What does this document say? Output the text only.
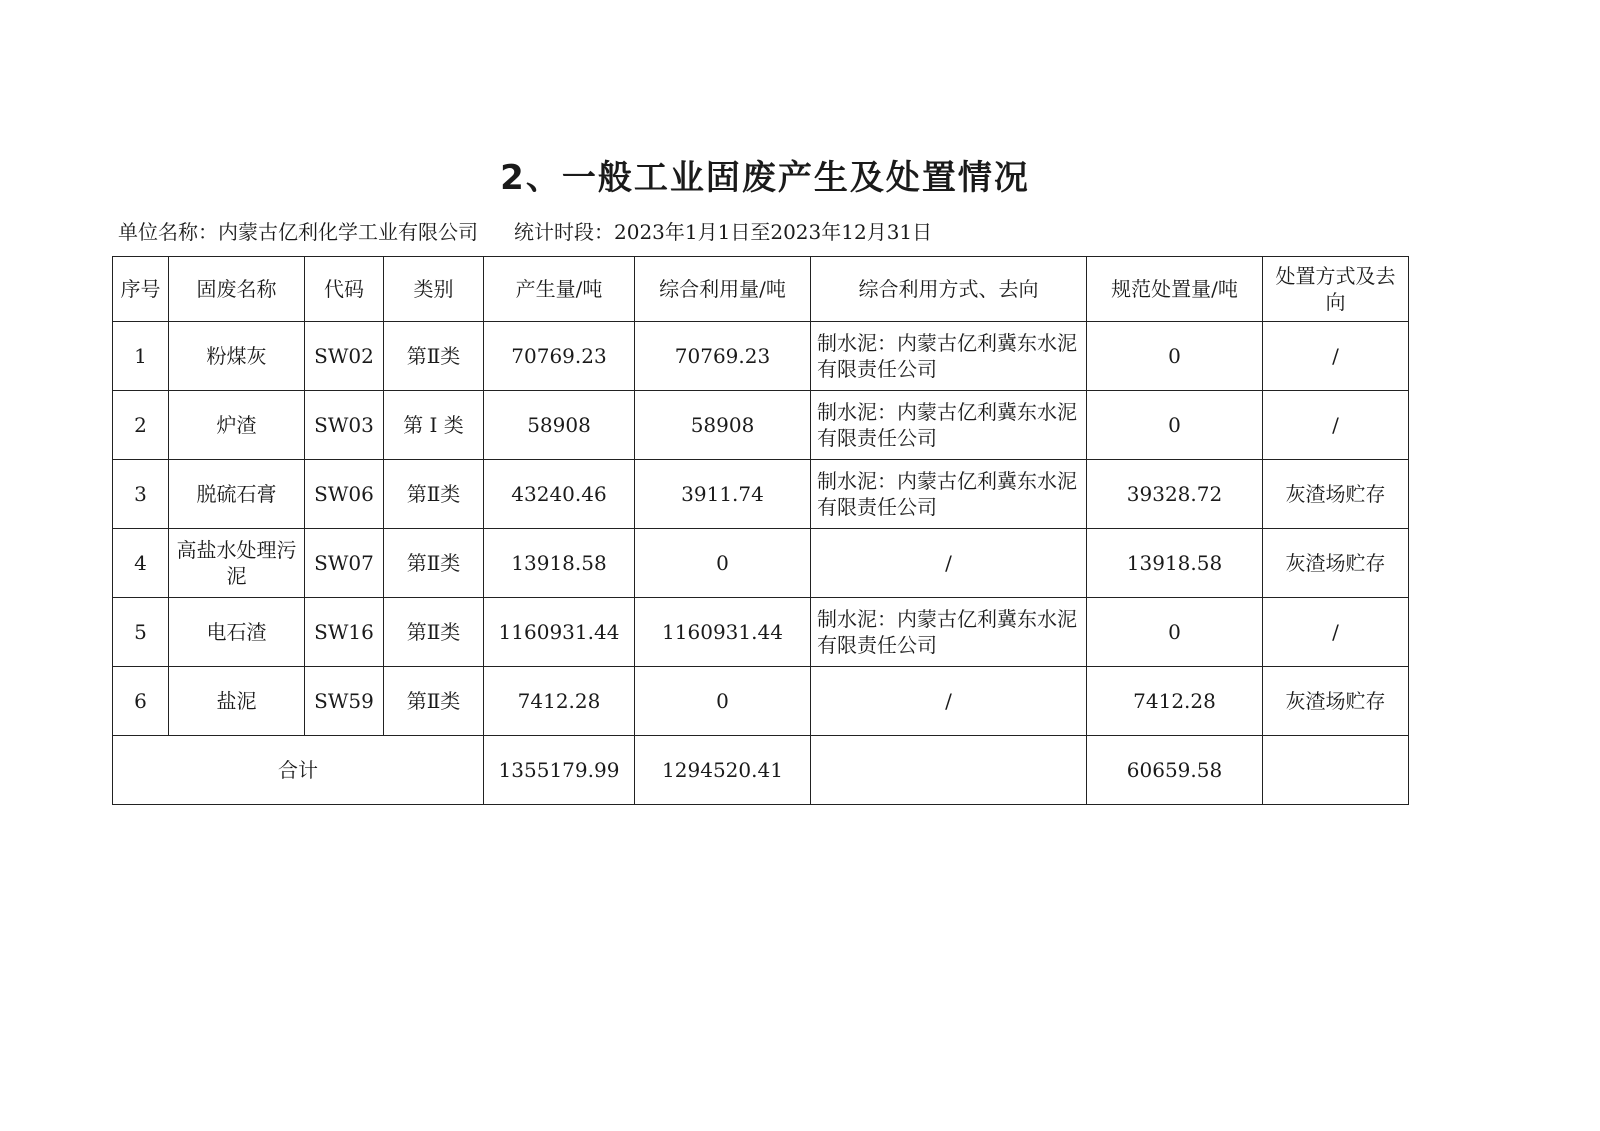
2、一般工业固废产生及处置情况
单位名称：内蒙古亿利化学工业有限公司 统计时段：2023年1月1日至2023年12月31日
序号	固废名称	代码	类别	产生量/吨	综合利用量/吨	综合利用方式、去向	规范处置量/吨	处置方式及去向
1	粉煤灰	SW02	第Ⅱ类	70769.23	70769.23	制水泥：内蒙古亿利冀东水泥有限责任公司	0	/
2	炉渣	SW03	第 Ⅰ 类	58908	58908	制水泥：内蒙古亿利冀东水泥有限责任公司	0	/
3	脱硫石膏	SW06	第Ⅱ类	43240.46	3911.74	制水泥：内蒙古亿利冀东水泥有限责任公司	39328.72	灰渣场贮存
4	高盐水处理污泥	SW07	第Ⅱ类	13918.58	0	/	13918.58	灰渣场贮存
5	电石渣	SW16	第Ⅱ类	1160931.44	1160931.44	制水泥：内蒙古亿利冀东水泥有限责任公司	0	/
6	盐泥	SW59	第Ⅱ类	7412.28	0	/	7412.28	灰渣场贮存
合计				1355179.99	1294520.41		60659.58	
